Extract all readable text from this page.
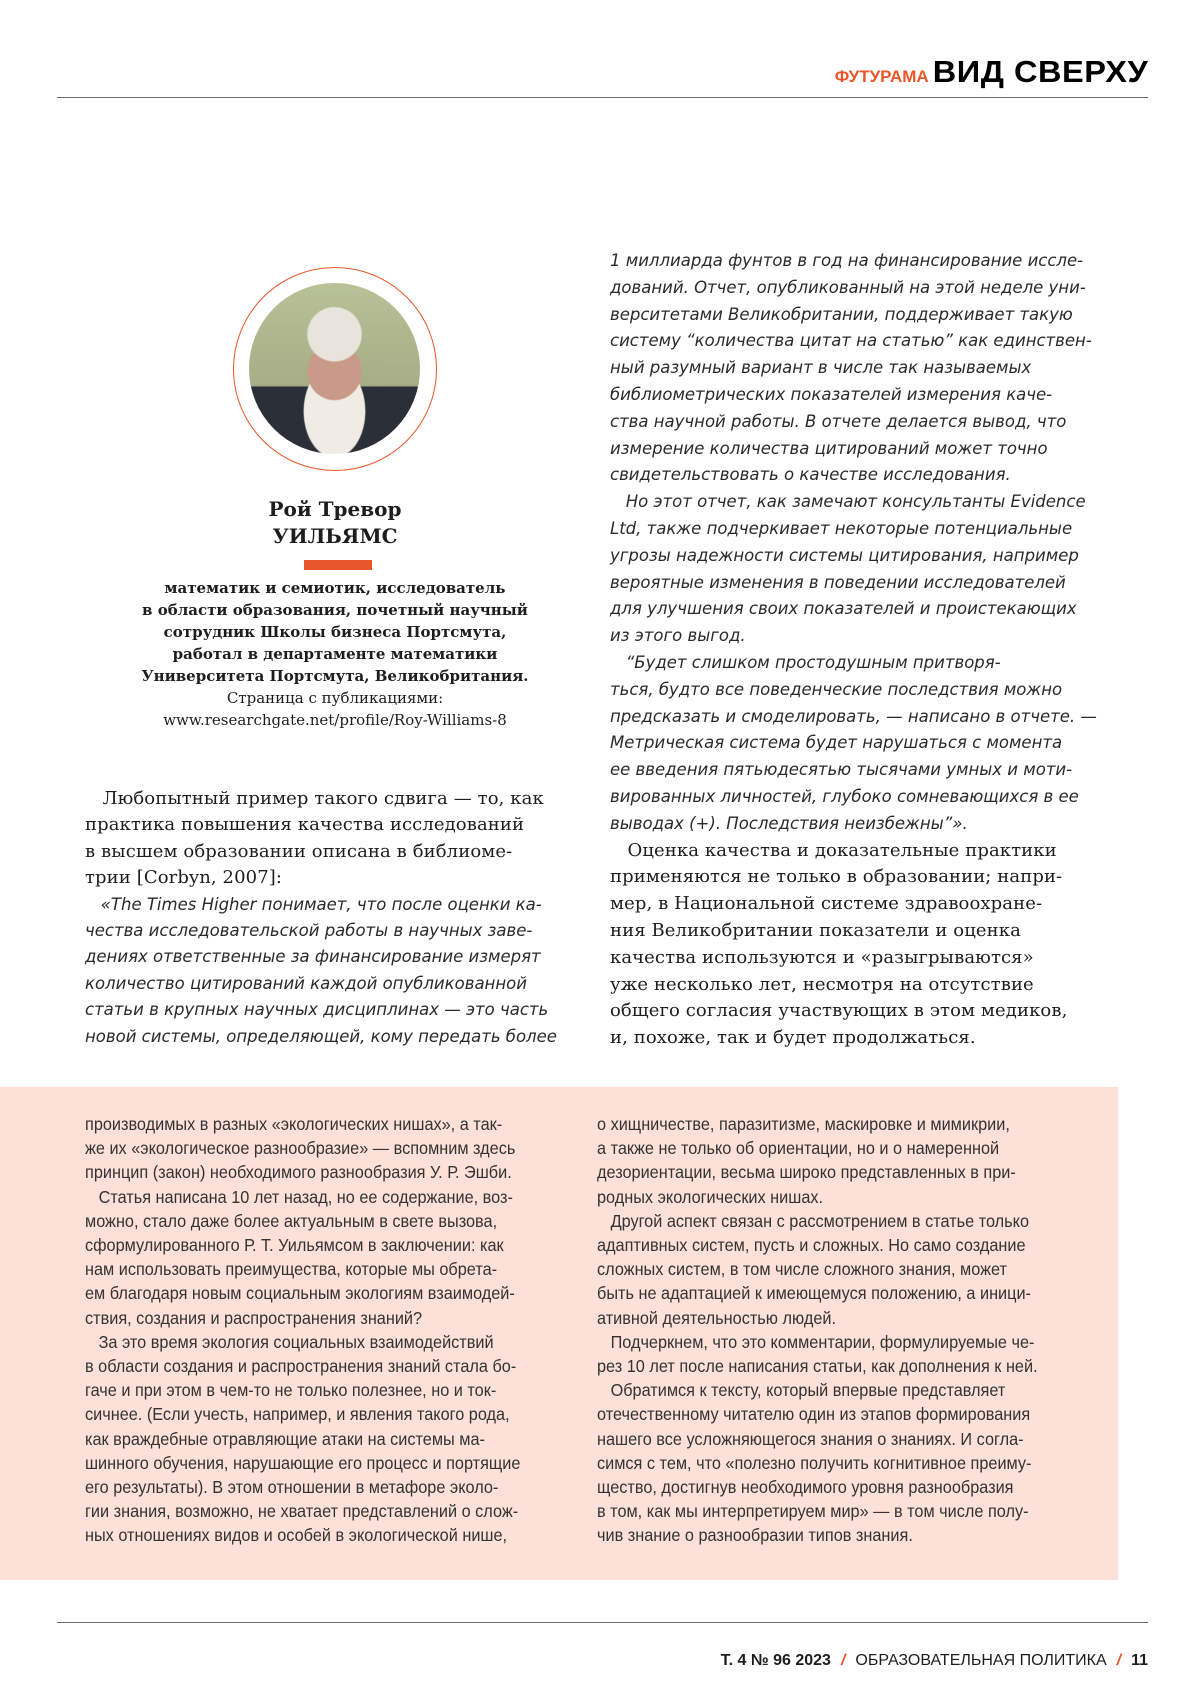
ФУТУРАМА ВИД СВЕРХУ
Рой Тревор
УИЛЬЯМС
математик и семиотик, исследователь
в области образования, почетный научный
сотрудник Школы бизнеса Портсмута,
работал в департаменте математики
Университета Портсмута, Великобритания.
Страница с публикациями:
www.researchgate.net/profile/Roy-Williams-8
Любопытный пример такого сдвига — то, как
практика повышения качества исследований
в высшем образовании описана в библиоме-
трии [Corbyn, 2007]:
«The Times Higher понимает, что после оценки ка-
чества исследовательской работы в научных заве-
дениях ответственные за финансирование измерят
количество цитирований каждой опубликованной
статьи в крупных научных дисциплинах — это часть
новой системы, определяющей, кому передать более
1 миллиарда фунтов в год на финансирование иссле-
дований. Отчет, опубликованный на этой неделе уни-
верситетами Великобритании, поддерживает такую
систему “количества цитат на статью” как единствен-
ный разумный вариант в числе так называемых
библиометрических показателей измерения каче-
ства научной работы. В отчете делается вывод, что
измерение количества цитирований может точно
свидетельствовать о качестве исследования.
Но этот отчет, как замечают консультанты Evidence
Ltd, также подчеркивает некоторые потенциальные
угрозы надежности системы цитирования, например
вероятные изменения в поведении исследователей
для улучшения своих показателей и проистекающих
из этого выгод.
“Будет слишком простодушным притворя-
ться, будто все поведенческие последствия можно
предсказать и смоделировать, — написано в отчете. —
Метрическая система будет нарушаться с момента
ее введения пятьюдесятью тысячами умных и моти-
вированных личностей, глубоко сомневающихся в ее
выводах (+). Последствия неизбежны”».
Оценка качества и доказательные практики
применяются не только в образовании; напри-
мер, в Национальной системе здравоохране-
ния Великобритании показатели и оценка
качества используются и «разыгрываются»
уже несколько лет, несмотря на отсутствие
общего согласия участвующих в этом медиков,
и, похоже, так и будет продолжаться.
производимых в разных «экологических нишах», а так-
же их «экологическое разнообразие» — вспомним здесь
принцип (закон) необходимого разнообразия У. Р. Эшби.
Статья написана 10 лет назад, но ее содержание, воз-
можно, стало даже более актуальным в свете вызова,
сформулированного Р. Т. Уильямсом в заключении: как
нам использовать преимущества, которые мы обрета-
ем благодаря новым социальным экологиям взаимодей-
ствия, создания и распространения знаний?
За это время экология социальных взаимодействий
в области создания и распространения знаний стала бо-
гаче и при этом в чем-то не только полезнее, но и ток-
сичнее. (Если учесть, например, и явления такого рода,
как враждебные отравляющие атаки на системы ма-
шинного обучения, нарушающие его процесс и портящие
его результаты). В этом отношении в метафоре эколо-
гии знания, возможно, не хватает представлений о слож-
ных отношениях видов и особей в экологической нише,
о хищничестве, паразитизме, маскировке и мимикрии,
а также не только об ориентации, но и о намеренной
дезориентации, весьма широко представленных в при-
родных экологических нишах.
Другой аспект связан с рассмотрением в статье только
адаптивных систем, пусть и сложных. Но само создание
сложных систем, в том числе сложного знания, может
быть не адаптацией к имеющемуся положению, а иници-
ативной деятельностью людей.
Подчеркнем, что это комментарии, формулируемые че-
рез 10 лет после написания статьи, как дополнения к ней.
Обратимся к тексту, который впервые представляет
отечественному читателю один из этапов формирования
нашего все усложняющегося знания о знаниях. И согла-
симся с тем, что «полезно получить когнитивное преиму-
щество, достигнув необходимого уровня разнообразия
в том, как мы интерпретируем мир» — в том числе полу-
чив знание о разнообразии типов знания.
Т. 4 № 96 2023 / ОБРАЗОВАТЕЛЬНАЯ ПОЛИТИКА / 11
